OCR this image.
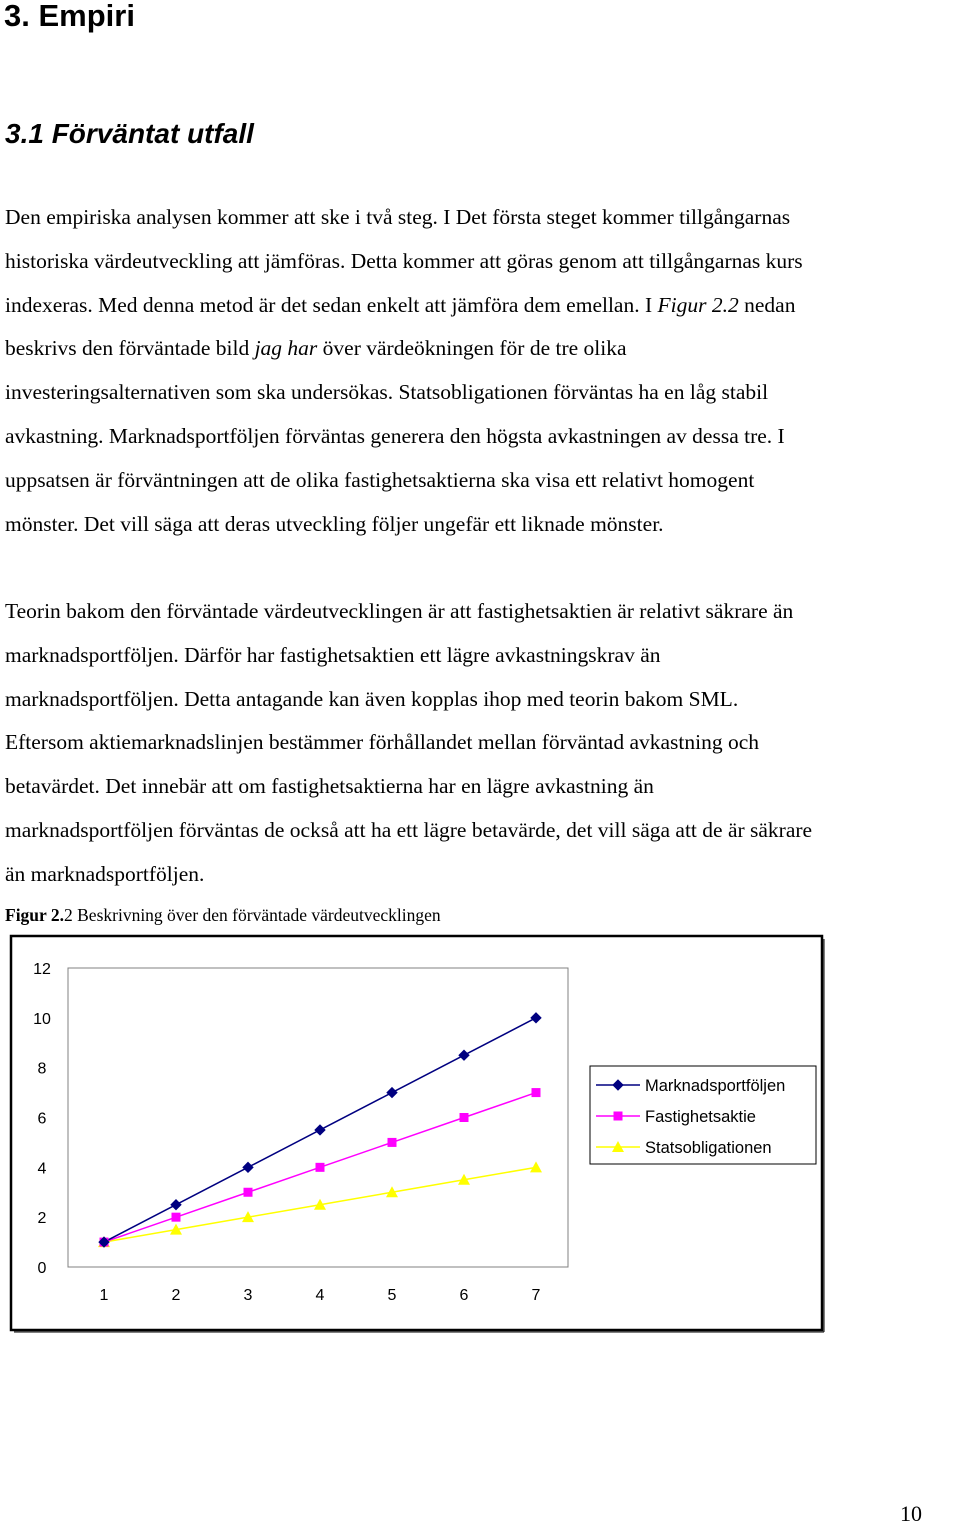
3. Empiri
3.1 Förväntat utfall
Den empiriska analysen kommer att ske i två steg. I Det första steget kommer tillgångarnas
historiska värdeutveckling att jämföras. Detta kommer att göras genom att tillgångarnas kurs
indexeras. Med denna metod är det sedan enkelt att jämföra dem emellan. I Figur 2.2 nedan
beskrivs den förväntade bild jag har över värdeökningen för de tre olika
investeringsalternativen som ska undersökas. Statsobligationen förväntas ha en låg stabil
avkastning. Marknadsportföljen förväntas generera den högsta avkastningen av dessa tre. I
uppsatsen är förväntningen att de olika fastighetsaktierna ska visa ett relativt homogent
mönster. Det vill säga att deras utveckling följer ungefär ett liknade mönster.
Teorin bakom den förväntade värdeutvecklingen är att fastighetsaktien är relativt säkrare än
marknadsportföljen. Därför har fastighetsaktien ett lägre avkastningskrav än
marknadsportföljen. Detta antagande kan även kopplas ihop med teorin bakom SML.
Eftersom aktiemarknadslinjen bestämmer förhållandet mellan förväntad avkastning och
betavärdet. Det innebär att om fastighetsaktierna har en lägre avkastning än
marknadsportföljen förväntas de också att ha ett lägre betavärde, det vill säga att de är säkrare
än marknadsportföljen.

Figur 2.2 Beskrivning över den förväntade värdeutvecklingen

0
2
4
6
8
10
12
1	2	3	4	5	6	7
Marknadsportföljen
Fastighetsaktie
Statsobligationen
10
